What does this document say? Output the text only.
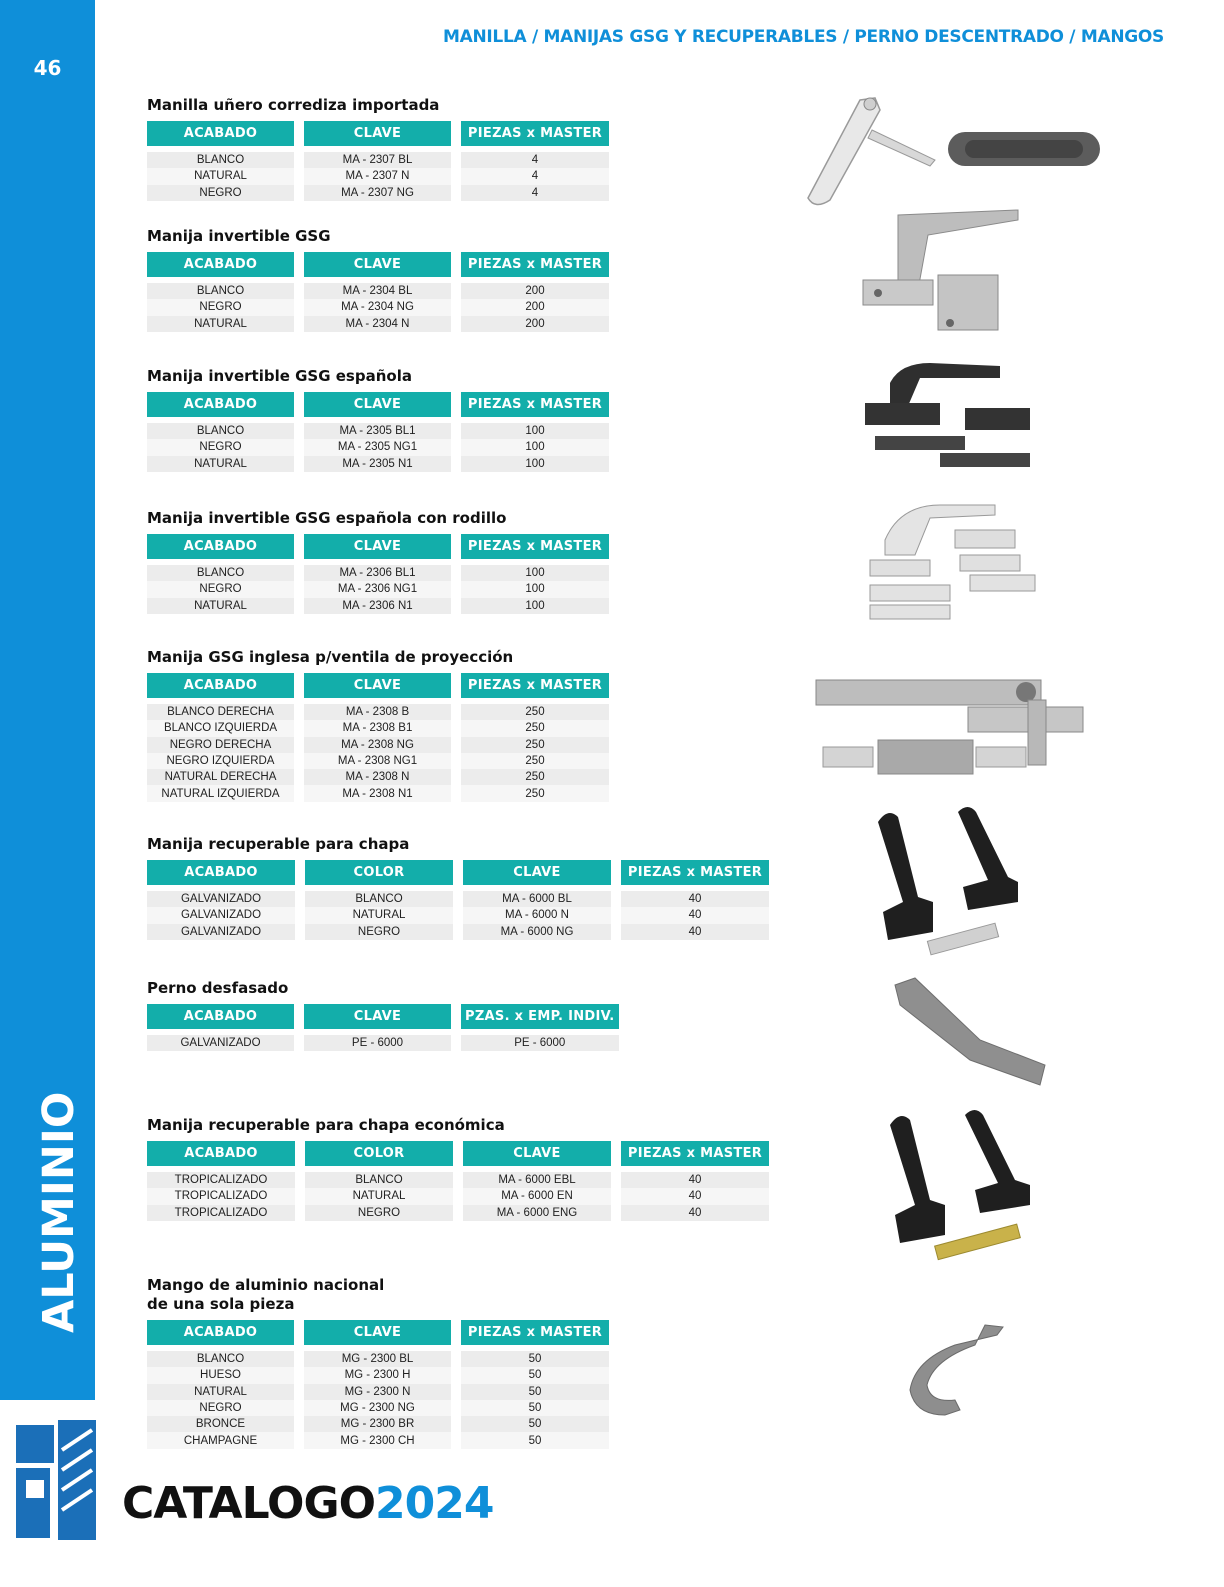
46
ALUMINIO
MANILLA / MANIJAS GSG Y RECUPERABLES / PERNO DESCENTRADO / MANGOS
Manilla uñero corrediza importada
ACABADO	CLAVE	PIEZAS x MASTER

BLANCO	MA - 2307 BL	4
NATURAL	MA - 2307 N	4
NEGRO	MA - 2307 NG	4
Manija invertible GSG
ACABADO	CLAVE	PIEZAS x MASTER

BLANCO	MA - 2304 BL	200
NEGRO	MA - 2304 NG	200
NATURAL	MA - 2304 N	200
Manija invertible GSG española
ACABADO	CLAVE	PIEZAS x MASTER

BLANCO	MA - 2305 BL1	100
NEGRO	MA - 2305 NG1	100
NATURAL	MA - 2305 N1	100
Manija invertible GSG española con rodillo
ACABADO	CLAVE	PIEZAS x MASTER

BLANCO	MA - 2306 BL1	100
NEGRO	MA - 2306 NG1	100
NATURAL	MA - 2306 N1	100
Manija GSG inglesa p/ventila de proyección
ACABADO	CLAVE	PIEZAS x MASTER

BLANCO DERECHA	MA - 2308 B	250
BLANCO IZQUIERDA	MA - 2308 B1	250
NEGRO DERECHA	MA - 2308 NG	250
NEGRO IZQUIERDA	MA - 2308 NG1	250
NATURAL DERECHA	MA - 2308 N	250
NATURAL IZQUIERDA	MA - 2308 N1	250
Manija recuperable para chapa
ACABADO	COLOR	CLAVE	PIEZAS x MASTER

GALVANIZADO	BLANCO	MA - 6000 BL	40
GALVANIZADO	NATURAL	MA - 6000 N	40
GALVANIZADO	NEGRO	MA - 6000 NG	40
Perno desfasado
ACABADO	CLAVE	PZAS. x EMP. INDIV.

GALVANIZADO	PE - 6000	PE - 6000
Manija recuperable para chapa económica
ACABADO	COLOR	CLAVE	PIEZAS x MASTER

TROPICALIZADO	BLANCO	MA - 6000 EBL	40
TROPICALIZADO	NATURAL	MA - 6000 EN	40
TROPICALIZADO	NEGRO	MA - 6000 ENG	40
Mango de aluminio nacional
de una sola pieza
ACABADO	CLAVE	PIEZAS x MASTER

BLANCO	MG - 2300 BL	50
HUESO	MG - 2300 H	50
NATURAL	MG - 2300 N	50
NEGRO	MG - 2300 NG	50
BRONCE	MG - 2300 BR	50
CHAMPAGNE	MG - 2300 CH	50
CATALOGO2024
